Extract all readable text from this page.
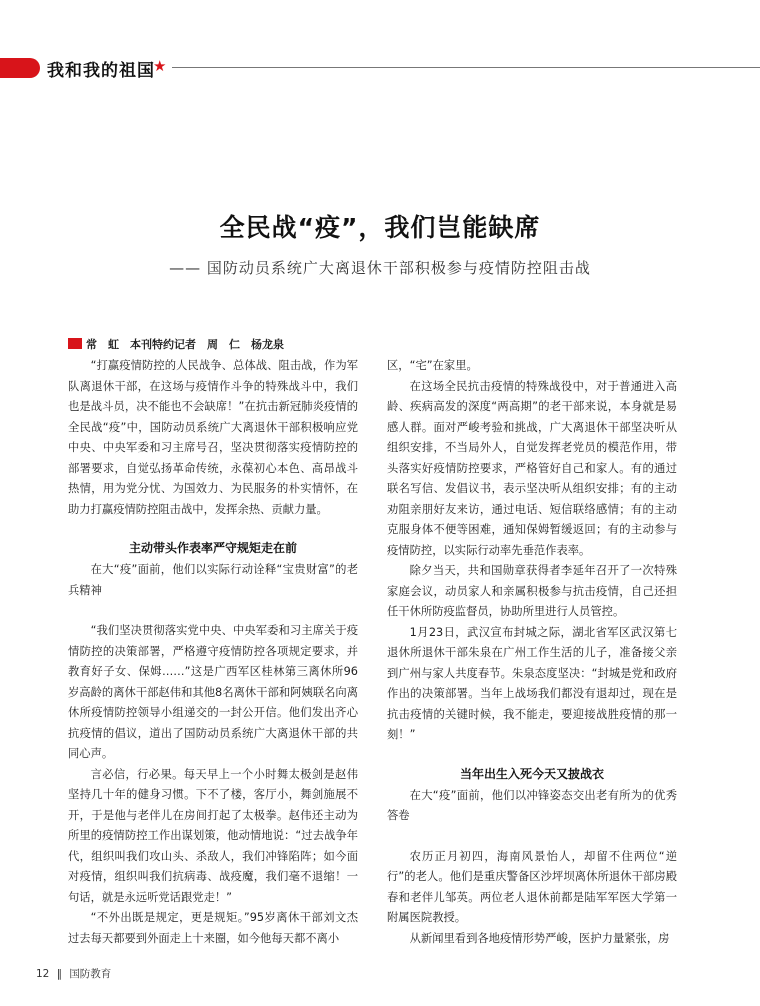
我和我的祖国
★
全民战“疫”，我们岂能缺席
—— 国防动员系统广大离退休干部积极参与疫情防控阻击战
常　虹　本刊特约记者　周　仁　杨龙泉

“打赢疫情防控的人民战争、总体战、阻击战，作为军队离退休干部，在这场与疫情作斗争的特殊战斗中，我们也是战斗员，决不能也不会缺席！”在抗击新冠肺炎疫情的全民战“疫”中，国防动员系统广大离退休干部积极响应党中央、中央军委和习主席号召，坚决贯彻落实疫情防控的部署要求，自觉弘扬革命传统，永葆初心本色、高昂战斗热情，用为党分忧、为国效力、为民服务的朴实情怀，在助力打赢疫情防控阻击战中，发挥余热、贡献力量。

主动带头作表率严守规矩走在前

在大“疫”面前，他们以实际行动诠释“宝贵财富”的老兵精神

“我们坚决贯彻落实党中央、中央军委和习主席关于疫情防控的决策部署，严格遵守疫情防控各项规定要求，并教育好子女、保姆……”这是广西军区桂林第三离休所96岁高龄的离休干部赵伟和其他8名离休干部和阿姨联名向离休所疫情防控领导小组递交的一封公开信。他们发出齐心抗疫情的倡议，道出了国防动员系统广大离退休干部的共同心声。

言必信，行必果。每天早上一个小时舞太极剑是赵伟坚持几十年的健身习惯。下不了楼，客厅小，舞剑施展不开，于是他与老伴儿在房间打起了太极拳。赵伟还主动为所里的疫情防控工作出谋划策，他动情地说：“过去战争年代，组织叫我们攻山头、杀敌人，我们冲锋陷阵；如今面对疫情，组织叫我们抗病毒、战疫魔，我们毫不退缩！一句话，就是永远听党话跟党走！”

“不外出既是规定，更是规矩。”95岁离休干部刘文杰过去每天都要到外面走上十来圈，如今他每天都不离小

区，“宅”在家里。

在这场全民抗击疫情的特殊战役中，对于普通进入高龄、疾病高发的深度“两高期”的老干部来说，本身就是易感人群。面对严峻考验和挑战，广大离退休干部坚决听从组织安排，不当局外人，自觉发挥老党员的模范作用，带头落实好疫情防控要求，严格管好自己和家人。有的通过联名写信、发倡议书，表示坚决听从组织安排；有的主动劝阻亲朋好友来访，通过电话、短信联络感情；有的主动克服身体不便等困难，通知保姆暂缓返回；有的主动参与疫情防控，以实际行动率先垂范作表率。

除夕当天，共和国勋章获得者李延年召开了一次特殊家庭会议，动员家人和亲属积极参与抗击疫情，自己还担任干休所防疫监督员，协助所里进行人员管控。

1月23日，武汉宣布封城之际，湖北省军区武汉第七退休所退休干部朱泉在广州工作生活的儿子，准备接父亲到广州与家人共度春节。朱泉态度坚决：“封城是党和政府作出的决策部署。当年上战场我们都没有退却过，现在是抗击疫情的关键时候，我不能走，要迎接战胜疫情的那一刻！”

当年出生入死今天又披战衣

在大“疫”面前，他们以冲锋姿态交出老有所为的优秀答卷

农历正月初四，海南风景怡人，却留不住两位“逆行”的老人。他们是重庆警备区沙坪坝离休所退休干部房殿春和老伴儿邹英。两位老人退休前都是陆军军医大学第一附属医院教授。

从新闻里看到各地疫情形势严峻，医护力量紧张，房

12 ‖ 国防教育
